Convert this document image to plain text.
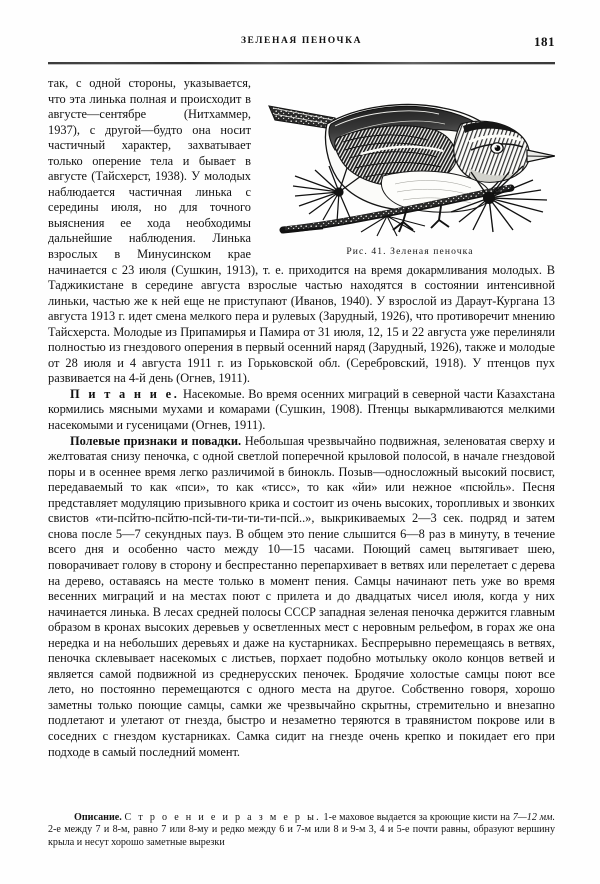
ЗЕЛЕНАЯ ПЕНОЧКА	181
Рис. 41. Зеленая пеночка

так, с одной стороны, указывается, что эта линька полная и происходит в августе—сентябре (Нитхаммер, 1937), с другой—будто она носит частичный характер, захватывает только оперение тела и бывает в августе (Тайсхерст, 1938). У молодых наблюдается частичная линька с середины июля, но для точного выяснения ее хода необходимы дальнейшие наблюдения. Линька взрослых в Минусинском крае начинается с 23 июля (Сушкин, 1913), т. е. приходится на время докармливания молодых. В Таджикистане в середине августа взрослые частью находятся в состоянии интенсивной линьки, частью же к ней еще не приступают (Иванов, 1940). У взрослой из Дараут-Кургана 13 августа 1913 г. идет смена мелкого пера и рулевых (Зарудный, 1926), что противоречит мнению Тайсхерста. Молодые из Припамирья и Памира от 31 июля, 12, 15 и 22 августа уже перелиняли полностью из гнездового оперения в первый осенний наряд (Зарудный, 1926), также и молодые от 28 июля и 4 августа 1911 г. из Горьковской обл. (Серебровский, 1918). У птенцов пух развивается на 4-й день (Огнев, 1911).

П и т а н и е. Насекомые. Во время осенних миграций в северной части Казахстана кормились мясными мухами и комарами (Сушкин, 1908). Птенцы выкармливаются мелкими насекомыми и гусеницами (Огнев, 1911).

Полевые признаки и повадки. Небольшая чрезвычайно подвижная, зеленоватая сверху и желтоватая снизу пеночка, с одной светлой поперечной крыловой полосой, в начале гнездовой поры и в осеннее время легко различимой в бинокль. Позыв—односложный высокий посвист, передаваемый то как «пси», то как «тисс», то как «йи» или нежное «псюйль». Песня представляет модуляцию призывного крика и состоит из очень высоких, торопливых и звонких свистов «ти-псйтю-псйтю-псй-ти-ти-ти-ти-псй..», выкрикиваемых 2—3 сек. подряд и затем снова после 5—7 секундных пауз. В общем это пение слышится 6—8 раз в минуту, в течение всего дня и особенно часто между 10—15 часами. Поющий самец вытягивает шею, поворачивает голову в сторону и беспрестанно перепархивает в ветвях или перелетает с дерева на дерево, оставаясь на месте только в момент пения. Самцы начинают петь уже во время весенних миграций и на местах поют с прилета и до двадцатых чисел июля, когда у них начинается линька. В лесах средней полосы СССР западная зеленая пеночка держится главным образом в кронах высоких деревьев у осветленных мест с неровным рельефом, в горах же она нередка и на небольших деревьях и даже на кустарниках. Беспрерывно перемещаясь в ветвях, пеночка склевывает насекомых с листьев, порхает подобно мотыльку около концов ветвей и является самой подвижной из среднерусских пеночек. Бродячие холостые самцы поют все лето, но постоянно перемещаются с одного места на другое. Собственно говоря, хорошо заметны только поющие самцы, самки же чрезвычайно скрытны, стремительно и внезапно подлетают и улетают от гнезда, быстро и незаметно теряются в травянистом покрове или в соседних с гнездом кустарниках. Самка сидит на гнезде очень крепко и покидает его при подходе в самый последний момент.

Описание. С т р о е н и е и р а з м е р ы. 1-е маховое выдается за кроющие кисти на 7—12 мм. 2-е между 7 и 8-м, равно 7 или 8-му и редко между 6 и 7-м или 8 и 9-м 3, 4 и 5-е почти равны, образуют вершину крыла и несут хорошо заметные вырезки
